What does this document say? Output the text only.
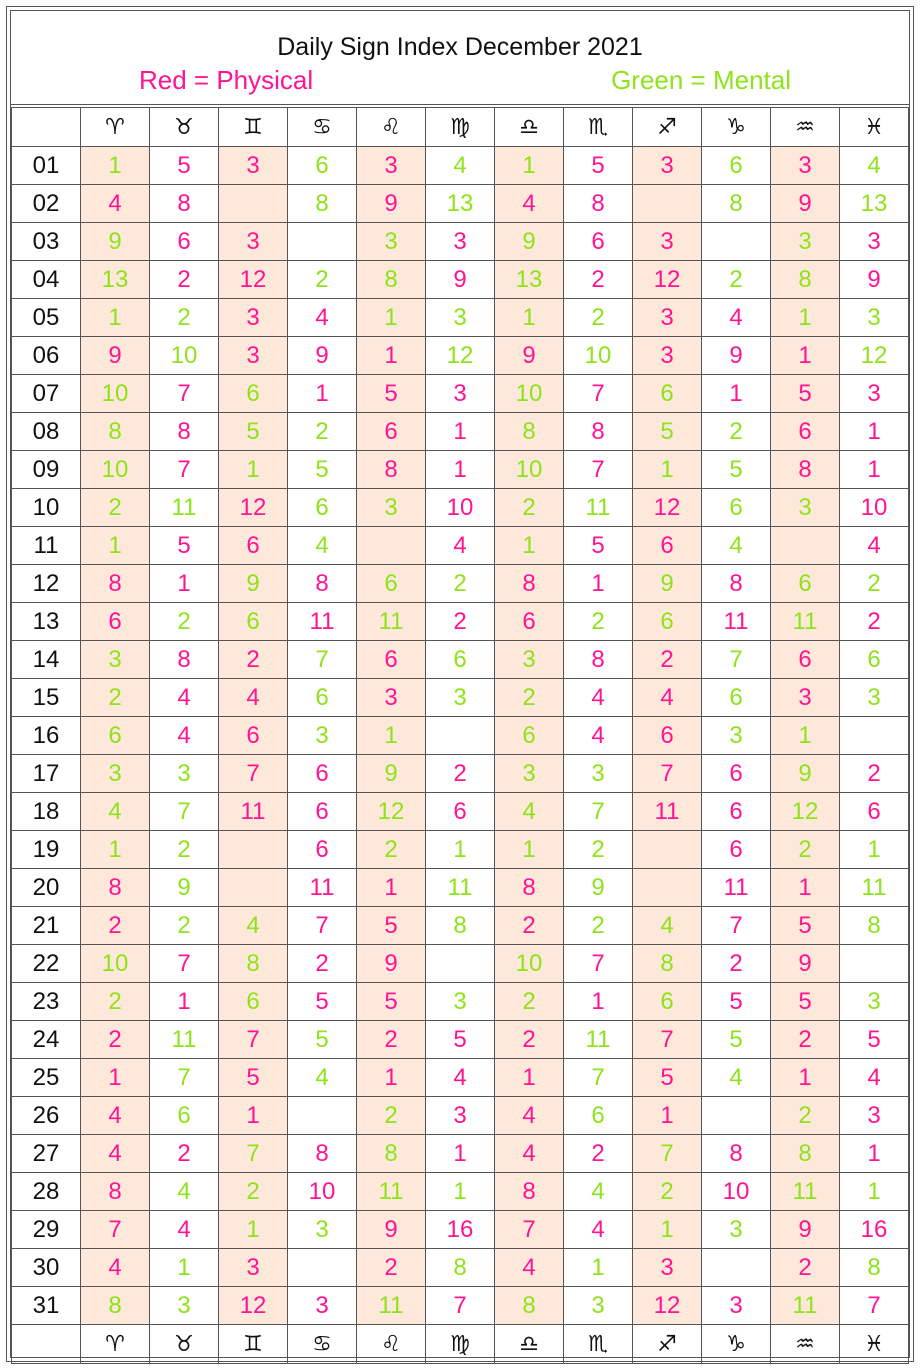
Daily Sign Index December 2021
Red = Physical	Green = Mental
	♈︎	♉︎	♊︎	♋︎	♌︎	♍︎	♎︎	♏︎	♐︎	♑︎	♒︎	♓︎
01	1	5	3	6	3	4	1	5	3	6	3	4
02	4	8		8	9	13	4	8		8	9	13
03	9	6	3		3	3	9	6	3		3	3
04	13	2	12	2	8	9	13	2	12	2	8	9
05	1	2	3	4	1	3	1	2	3	4	1	3
06	9	10	3	9	1	12	9	10	3	9	1	12
07	10	7	6	1	5	3	10	7	6	1	5	3
08	8	8	5	2	6	1	8	8	5	2	6	1
09	10	7	1	5	8	1	10	7	1	5	8	1
10	2	11	12	6	3	10	2	11	12	6	3	10
11	1	5	6	4		4	1	5	6	4		4
12	8	1	9	8	6	2	8	1	9	8	6	2
13	6	2	6	11	11	2	6	2	6	11	11	2
14	3	8	2	7	6	6	3	8	2	7	6	6
15	2	4	4	6	3	3	2	4	4	6	3	3
16	6	4	6	3	1		6	4	6	3	1	
17	3	3	7	6	9	2	3	3	7	6	9	2
18	4	7	11	6	12	6	4	7	11	6	12	6
19	1	2		6	2	1	1	2		6	2	1
20	8	9		11	1	11	8	9		11	1	11
21	2	2	4	7	5	8	2	2	4	7	5	8
22	10	7	8	2	9		10	7	8	2	9	
23	2	1	6	5	5	3	2	1	6	5	5	3
24	2	11	7	5	2	5	2	11	7	5	2	5
25	1	7	5	4	1	4	1	7	5	4	1	4
26	4	6	1		2	3	4	6	1		2	3
27	4	2	7	8	8	1	4	2	7	8	8	1
28	8	4	2	10	11	1	8	4	2	10	11	1
29	7	4	1	3	9	16	7	4	1	3	9	16
30	4	1	3		2	8	4	1	3		2	8
31	8	3	12	3	11	7	8	3	12	3	11	7
	♈︎	♉︎	♊︎	♋︎	♌︎	♍︎	♎︎	♏︎	♐︎	♑︎	♒︎	♓︎
